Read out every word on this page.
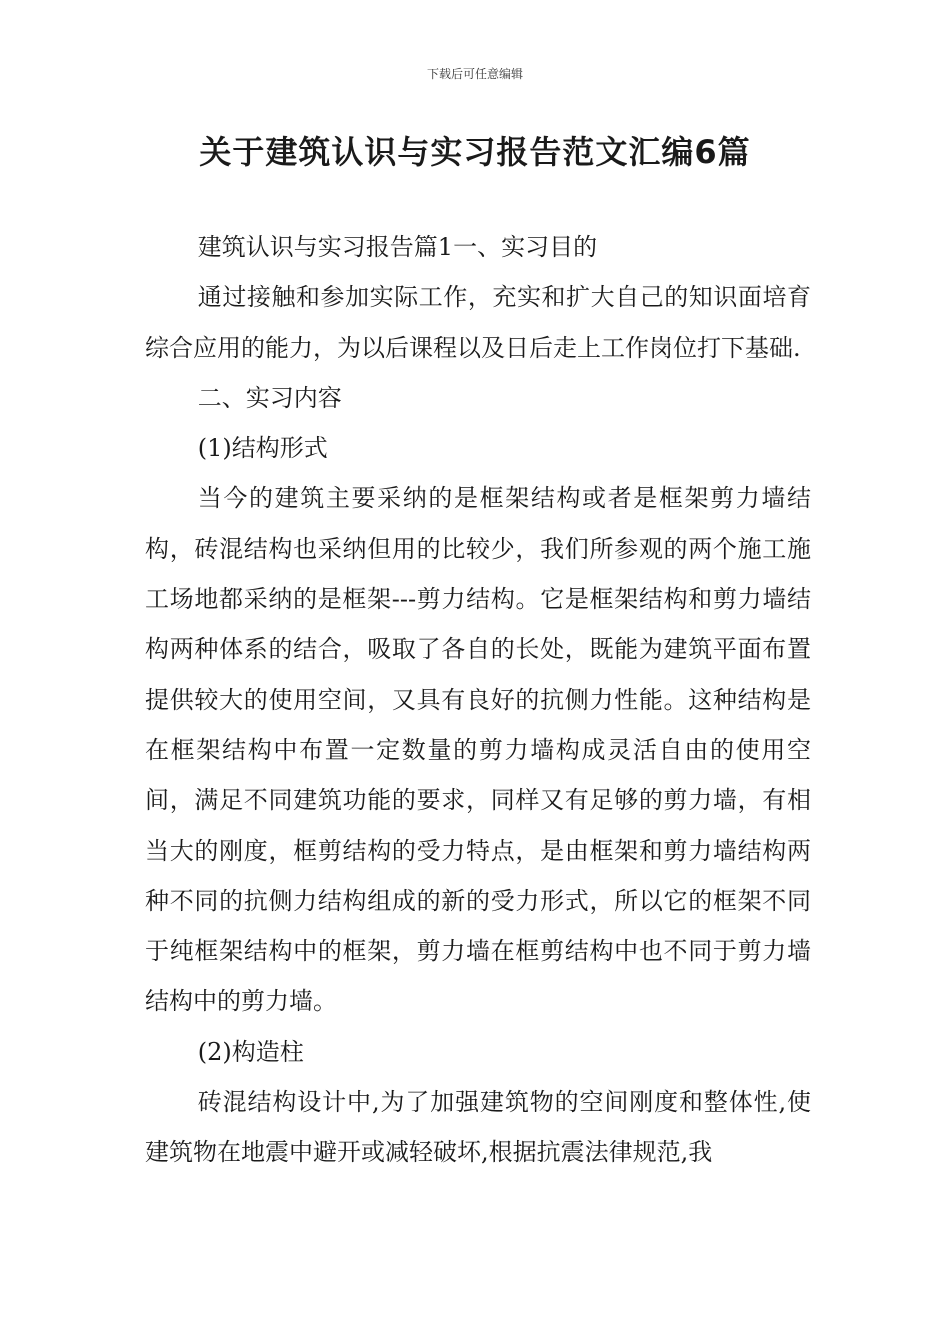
下载后可任意编辑
关于建筑认识与实习报告范文汇编6篇

建筑认识与实习报告篇1一、实习目的

通过接触和参加实际工作，充实和扩大自己的知识面培育综合应用的能力，为以后课程以及日后走上工作岗位打下基础.

二、实习内容

(1)结构形式

当今的建筑主要采纳的是框架结构或者是框架剪力墙结构，砖混结构也采纳但用的比较少，我们所参观的两个施工施工场地都采纳的是框架---剪力结构。它是框架结构和剪力墙结构两种体系的结合，吸取了各自的长处，既能为建筑平面布置提供较大的使用空间，又具有良好的抗侧力性能。这种结构是在框架结构中布置一定数量的剪力墙构成灵活自由的使用空间，满足不同建筑功能的要求，同样又有足够的剪力墙，有相当大的刚度，框剪结构的受力特点，是由框架和剪力墙结构两种不同的抗侧力结构组成的新的受力形式，所以它的框架不同于纯框架结构中的框架，剪力墙在框剪结构中也不同于剪力墙结构中的剪力墙。

(2)构造柱

砖混结构设计中,为了加强建筑物的空间刚度和整体性,使建筑物在地震中避开或减轻破坏,根据抗震法律规范,我
